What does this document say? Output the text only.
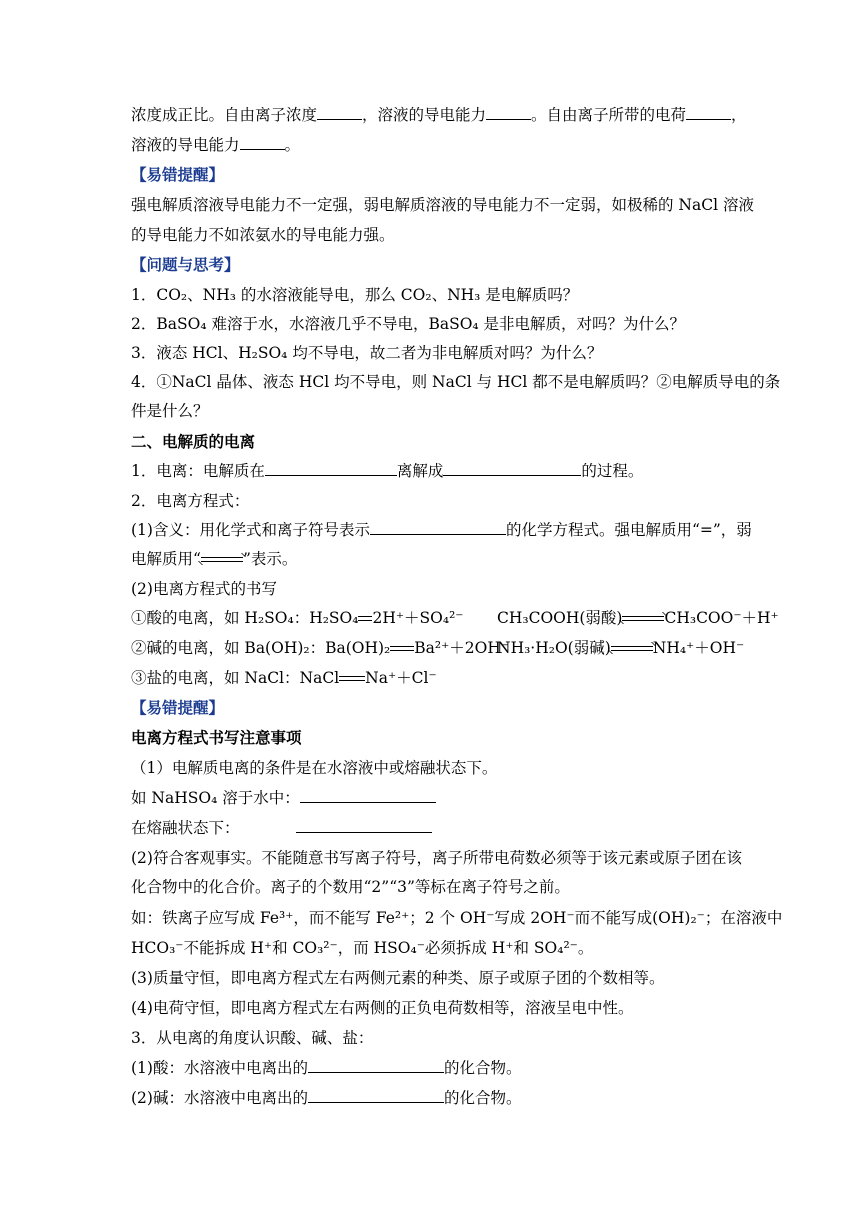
浓度成正比。自由离子浓度	，溶液的导电能力	。自由离子所带的电荷	，
溶液的导电能力	。
【易错提醒】
强电解质溶液导电能力不一定强，弱电解质溶液的导电能力不一定弱，如极稀的 NaCl 溶液
的导电能力不如浓氨水的导电能力强。
【问题与思考】
1．CO₂、NH₃ 的水溶液能导电，那么 CO₂、NH₃ 是电解质吗？
2．BaSO₄ 难溶于水，水溶液几乎不导电，BaSO₄ 是非电解质，对吗？为什么？
3．液态 HCl、H₂SO₄ 均不导电，故二者为非电解质对吗？为什么？
4．①NaCl 晶体、液态 HCl 均不导电，则 NaCl 与 HCl 都不是电解质吗？②电解质导电的条
件是什么？
二、电解质的电离
1．电离：电解质在	离解成	的过程。
2．电离方程式：
(1)含义：用化学式和离子符号表示	的化学方程式。强电解质用“=”，弱
电解质用“	”表示。
(2)电离方程式的书写
①酸的电离，如 H₂SO₄：H₂SO₄ 2H⁺＋SO₄²⁻ CH₃COOH(弱酸)	CH₃COO⁻＋H⁺
②碱的电离，如 Ba(OH)₂：Ba(OH)₂ Ba²⁺＋2OH⁻
NH₃·H₂O(弱碱)	NH₄⁺＋OH⁻
③盐的电离，如 NaCl：NaCl Na⁺＋Cl⁻
【易错提醒】
电离方程式书写注意事项
（1）电解质电离的条件是在水溶液中或熔融状态下。
如 NaHSO₄ 溶于水中：
在熔融状态下：
(2)符合客观事实。不能随意书写离子符号，离子所带电荷数必须等于该元素或原子团在该
化合物中的化合价。离子的个数用“2”“3”等标在离子符号之前。
如：铁离子应写成 Fe³⁺，而不能写 Fe²⁺；2 个 OH⁻写成 2OH⁻而不能写成(OH)₂⁻；在溶液中
HCO₃⁻不能拆成 H⁺和 CO₃²⁻，而 HSO₄⁻必须拆成 H⁺和 SO₄²⁻。
(3)质量守恒，即电离方程式左右两侧元素的种类、原子或原子团的个数相等。
(4)电荷守恒，即电离方程式左右两侧的正负电荷数相等，溶液呈电中性。
3．从电离的角度认识酸、碱、盐：
(1)酸：水溶液中电离出的	的化合物。
(2)碱：水溶液中电离出的	的化合物。
